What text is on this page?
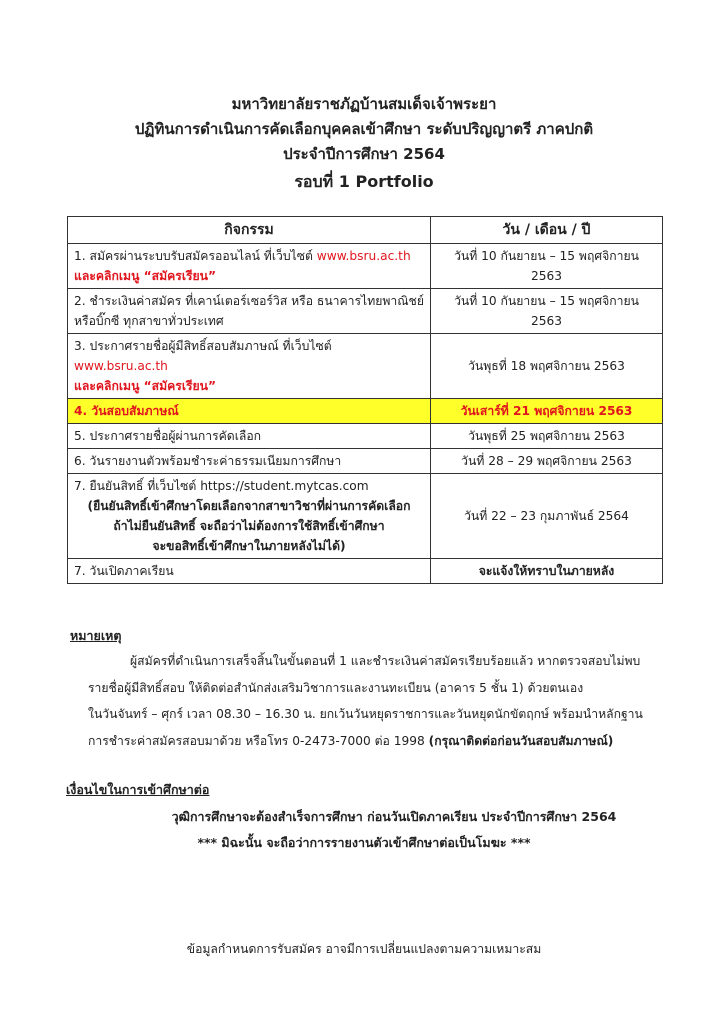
มหาวิทยาลัยราชภัฏบ้านสมเด็จเจ้าพระยา
ปฏิทินการดำเนินการคัดเลือกบุคคลเข้าศึกษา ระดับปริญญาตรี ภาคปกติ
ประจำปีการศึกษา 2564
รอบที่ 1 Portfolio
กิจกรรม	วัน / เดือน / ปี
1. สมัครผ่านระบบรับสมัครออนไลน์ ที่เว็บไซต์ www.bsru.ac.th
และคลิกเมนู “สมัครเรียน”	วันที่ 10 กันยายน – 15 พฤศจิกายน 2563
2. ชำระเงินค่าสมัคร ที่เคาน์เตอร์เซอร์วิส หรือ ธนาคารไทยพาณิชย์
หรือบิ๊กซี ทุกสาขาทั่วประเทศ	วันที่ 10 กันยายน – 15 พฤศจิกายน 2563
3. ประกาศรายชื่อผู้มีสิทธิ์สอบสัมภาษณ์ ที่เว็บไซต์ www.bsru.ac.th
และคลิกเมนู “สมัครเรียน”	วันพุธที่ 18 พฤศจิกายน 2563
4. วันสอบสัมภาษณ์	วันเสาร์ที่ 21 พฤศจิกายน 2563
5. ประกาศรายชื่อผู้ผ่านการคัดเลือก	วันพุธที่ 25 พฤศจิกายน 2563
6. วันรายงานตัวพร้อมชำระค่าธรรมเนียมการศึกษา	วันที่ 28 – 29 พฤศจิกายน 2563
7. ยืนยันสิทธิ์ ที่เว็บไซต์ https://student.mytcas.com

(ยืนยันสิทธิ์เข้าศึกษาโดยเลือกจากสาขาวิชาที่ผ่านการคัดเลือก
ถ้าไม่ยืนยันสิทธิ์ จะถือว่าไม่ต้องการใช้สิทธิ์เข้าศึกษา
จะขอสิทธิ์เข้าศึกษาในภายหลังไม่ได้)	วันที่ 22 – 23 กุมภาพันธ์ 2564
7. วันเปิดภาคเรียน	จะแจ้งให้ทราบในภายหลัง
หมายเหตุ
ผู้สมัครที่ดำเนินการเสร็จสิ้นในขั้นตอนที่ 1 และชำระเงินค่าสมัครเรียบร้อยแล้ว หากตรวจสอบไม่พบ
รายชื่อผู้มีสิทธิ์สอบ ให้ติดต่อสำนักส่งเสริมวิชาการและงานทะเบียน (อาคาร 5 ชั้น 1) ด้วยตนเอง
ในวันจันทร์ – ศุกร์ เวลา 08.30 – 16.30 น. ยกเว้นวันหยุดราชการและวันหยุดนักขัตฤกษ์ พร้อมนำหลักฐาน
การชำระค่าสมัครสอบมาด้วย หรือโทร 0-2473-7000 ต่อ 1998 (กรุณาติดต่อก่อนวันสอบสัมภาษณ์)
เงื่อนไขในการเข้าศึกษาต่อ
วุฒิการศึกษาจะต้องสำเร็จการศึกษา ก่อนวันเปิดภาคเรียน ประจำปีการศึกษา 2564
*** มิฉะนั้น จะถือว่าการรายงานตัวเข้าศึกษาต่อเป็นโมฆะ ***
ข้อมูลกำหนดการรับสมัคร อาจมีการเปลี่ยนแปลงตามความเหมาะสม
